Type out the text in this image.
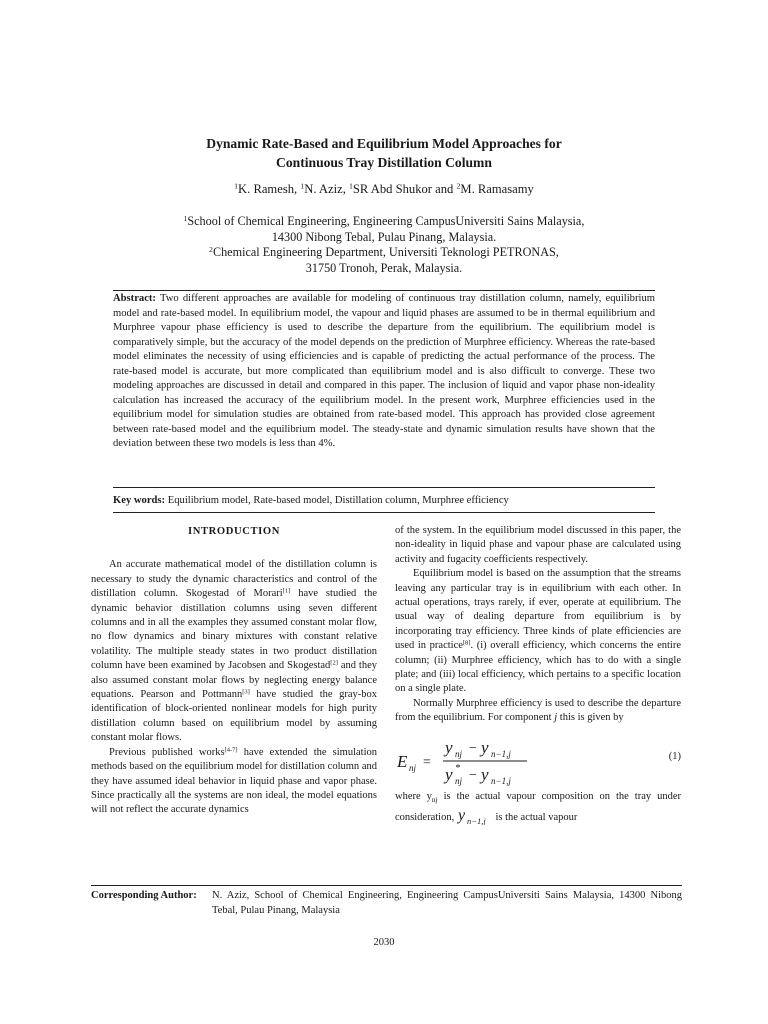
Dynamic Rate-Based and Equilibrium Model Approaches for
Continuous Tray Distillation Column
$^1$K. Ramesh, $^1$N. Aziz, $^1$SR Abd Shukor and $^2$M. Ramasamy
$^1$School of Chemical Engineering, Engineering CampusUniversiti Sains Malaysia,
14300 Nibong Tebal, Pulau Pinang, Malaysia.
$^2$Chemical Engineering Department, Universiti Teknologi PETRONAS,
31750 Tronoh, Perak, Malaysia.
Abstract: Two different approaches are available for modeling of continuous tray distillation column, namely, equilibrium model and rate-based model. In equilibrium model, the vapour and liquid phases are assumed to be in thermal equilibrium and Murphree vapour phase efficiency is used to describe the departure from the equilibrium. The equilibrium model is comparatively simple, but the accuracy of the model depends on the prediction of Murphree efficiency. Whereas the rate-based model eliminates the necessity of using efficiencies and is capable of predicting the actual performance of the process. The rate-based model is accurate, but more complicated than equilibrium model and is also difficult to converge. These two modeling approaches are discussed in detail and compared in this paper. The inclusion of liquid and vapor phase non-ideality calculation has increased the accuracy of the equilibrium model. In the present work, Murphree efficiencies used in the equilibrium model for simulation studies are obtained from rate-based model. This approach has provided close agreement between rate-based model and the equilibrium model. The steady-state and dynamic simulation results have shown that the deviation between these two models is less than 4%.
Key words: Equilibrium model, Rate-based model, Distillation column, Murphree efficiency
INTRODUCTION

An accurate mathematical model of the distillation column is necessary to study the dynamic characteristics and control of the distillation column. Skogestad of Morari[1] have studied the dynamic behavior distillation columns using seven different columns and in all the examples they assumed constant molar flow, no flow dynamics and binary mixtures with constant relative volatility. The multiple steady states in two product distillation column have been examined by Jacobsen and Skogestad[2] and they also assumed constant molar flows by neglecting energy balance equations. Pearson and Pottmann[3] have studied the gray-box identification of block-oriented nonlinear models for high purity distillation column based on equilibrium model by assuming constant molar flows.

Previous published works[4-7] have extended the simulation methods based on the equilibrium model for distillation column and they have assumed ideal behavior in liquid phase and vapor phase. Since practically all the systems are non ideal, the model equations will not reflect the accurate dynamics

of the system. In the equilibrium model discussed in this paper, the non-ideality in liquid phase and vapour phase are calculated using activity and fugacity coefficients respectively.

Equilibrium model is based on the assumption that the streams leaving any particular tray is in equilibrium with each other. In actual operations, trays rarely, if ever, operate at equilibrium. The usual way of dealing departure from equilibrium is by incorporating tray efficiency. Three kinds of plate efficiencies are used in practice[8]. (i) overall efficiency, which concerns the entire column; (ii) Murphree efficiency, which has to do with a single plate; and (iii) local efficiency, which pertains to a specific location on a single plate.

Normally Murphree efficiency is used to describe the departure from the equilibrium. For component j this is given by

E nj =
y nj − y n−1,j
y *
nj − y n−1,j
(1)

where $y_{nj}$ is the actual vapour composition on the tray under consideration, y n−1,j is the actual vapour

Corresponding Author: N. Aziz, School of Chemical Engineering, Engineering CampusUniversiti Sains Malaysia, 14300 Nibong Tebal, Pulau Pinang, Malaysia
2030
